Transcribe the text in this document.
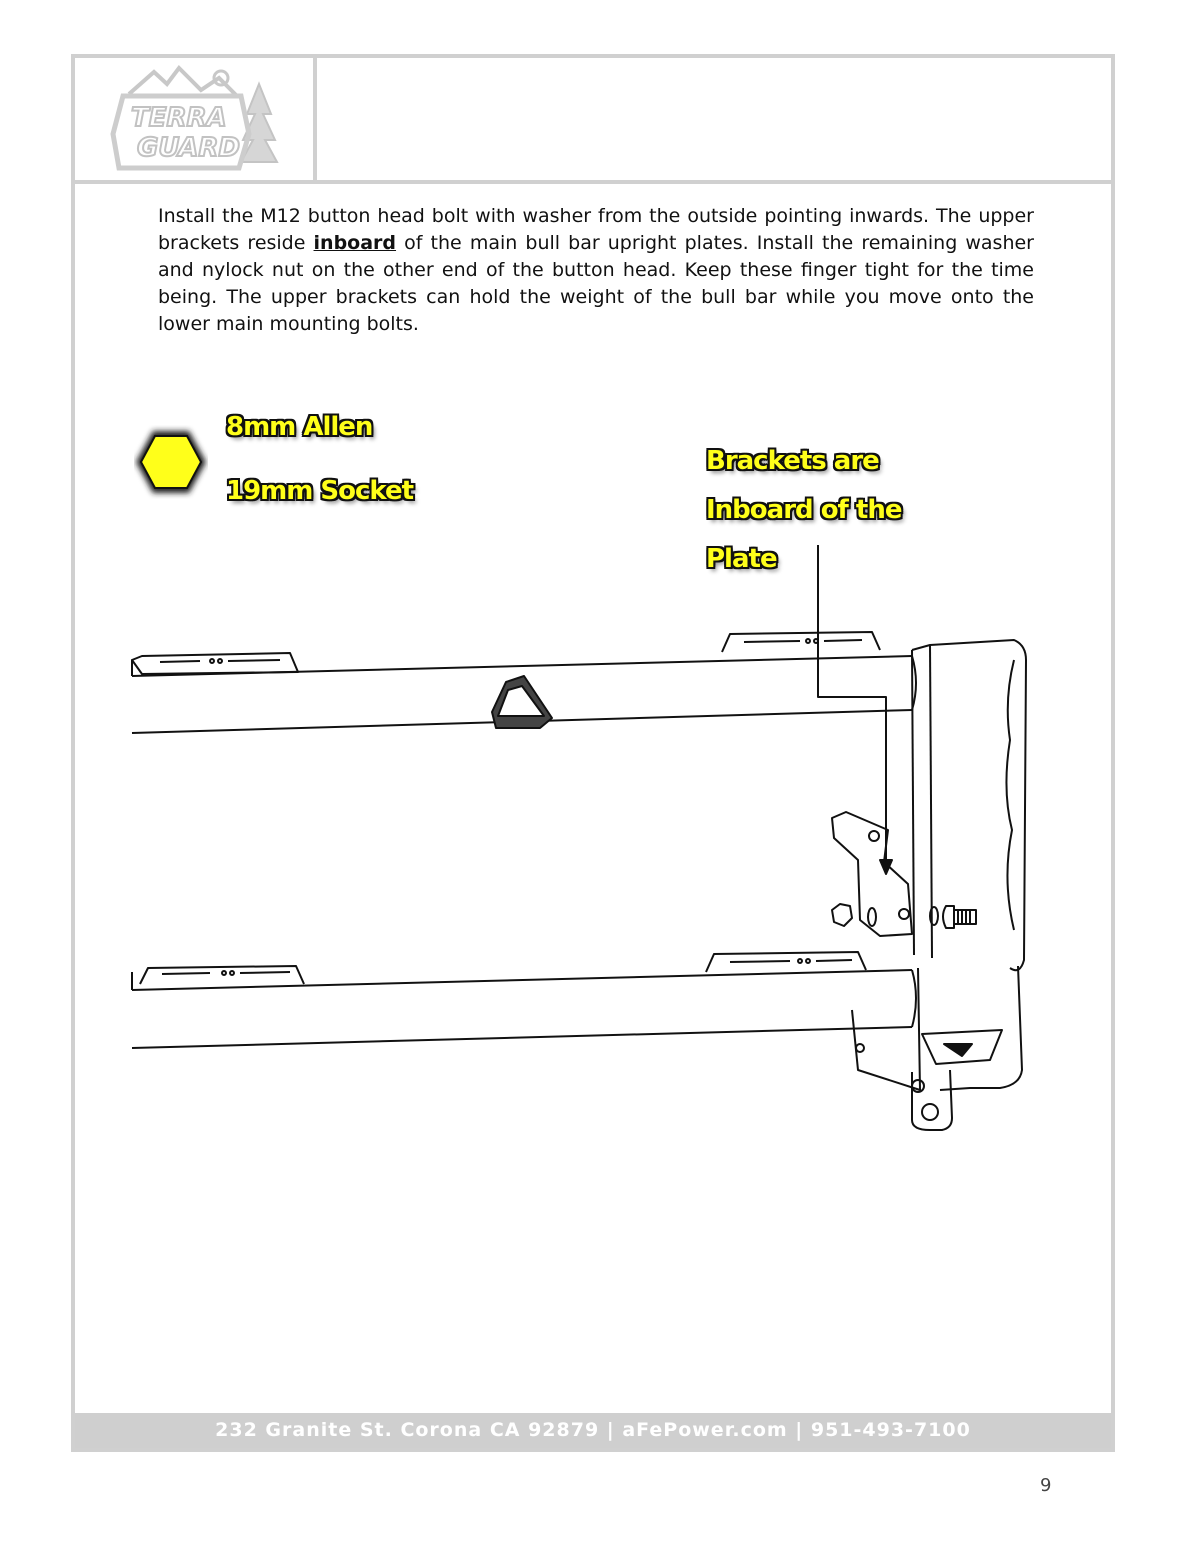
TERRA
GUARD

Install the M12 button head bolt with washer from the outside pointing inwards. The upper brackets reside inboard of the main bull bar upright plates. Install the remaining washer and nylock nut on the other end of the button head. Keep these finger tight for the time being. The upper brackets can hold the weight of the bull bar while you move onto the lower main mounting bolts.

8mm Allen
19mm Socket
Brackets are
Inboard of the
Plate
232 Granite St. Corona CA 92879 | aFePower.com | 951-493-7100
9
